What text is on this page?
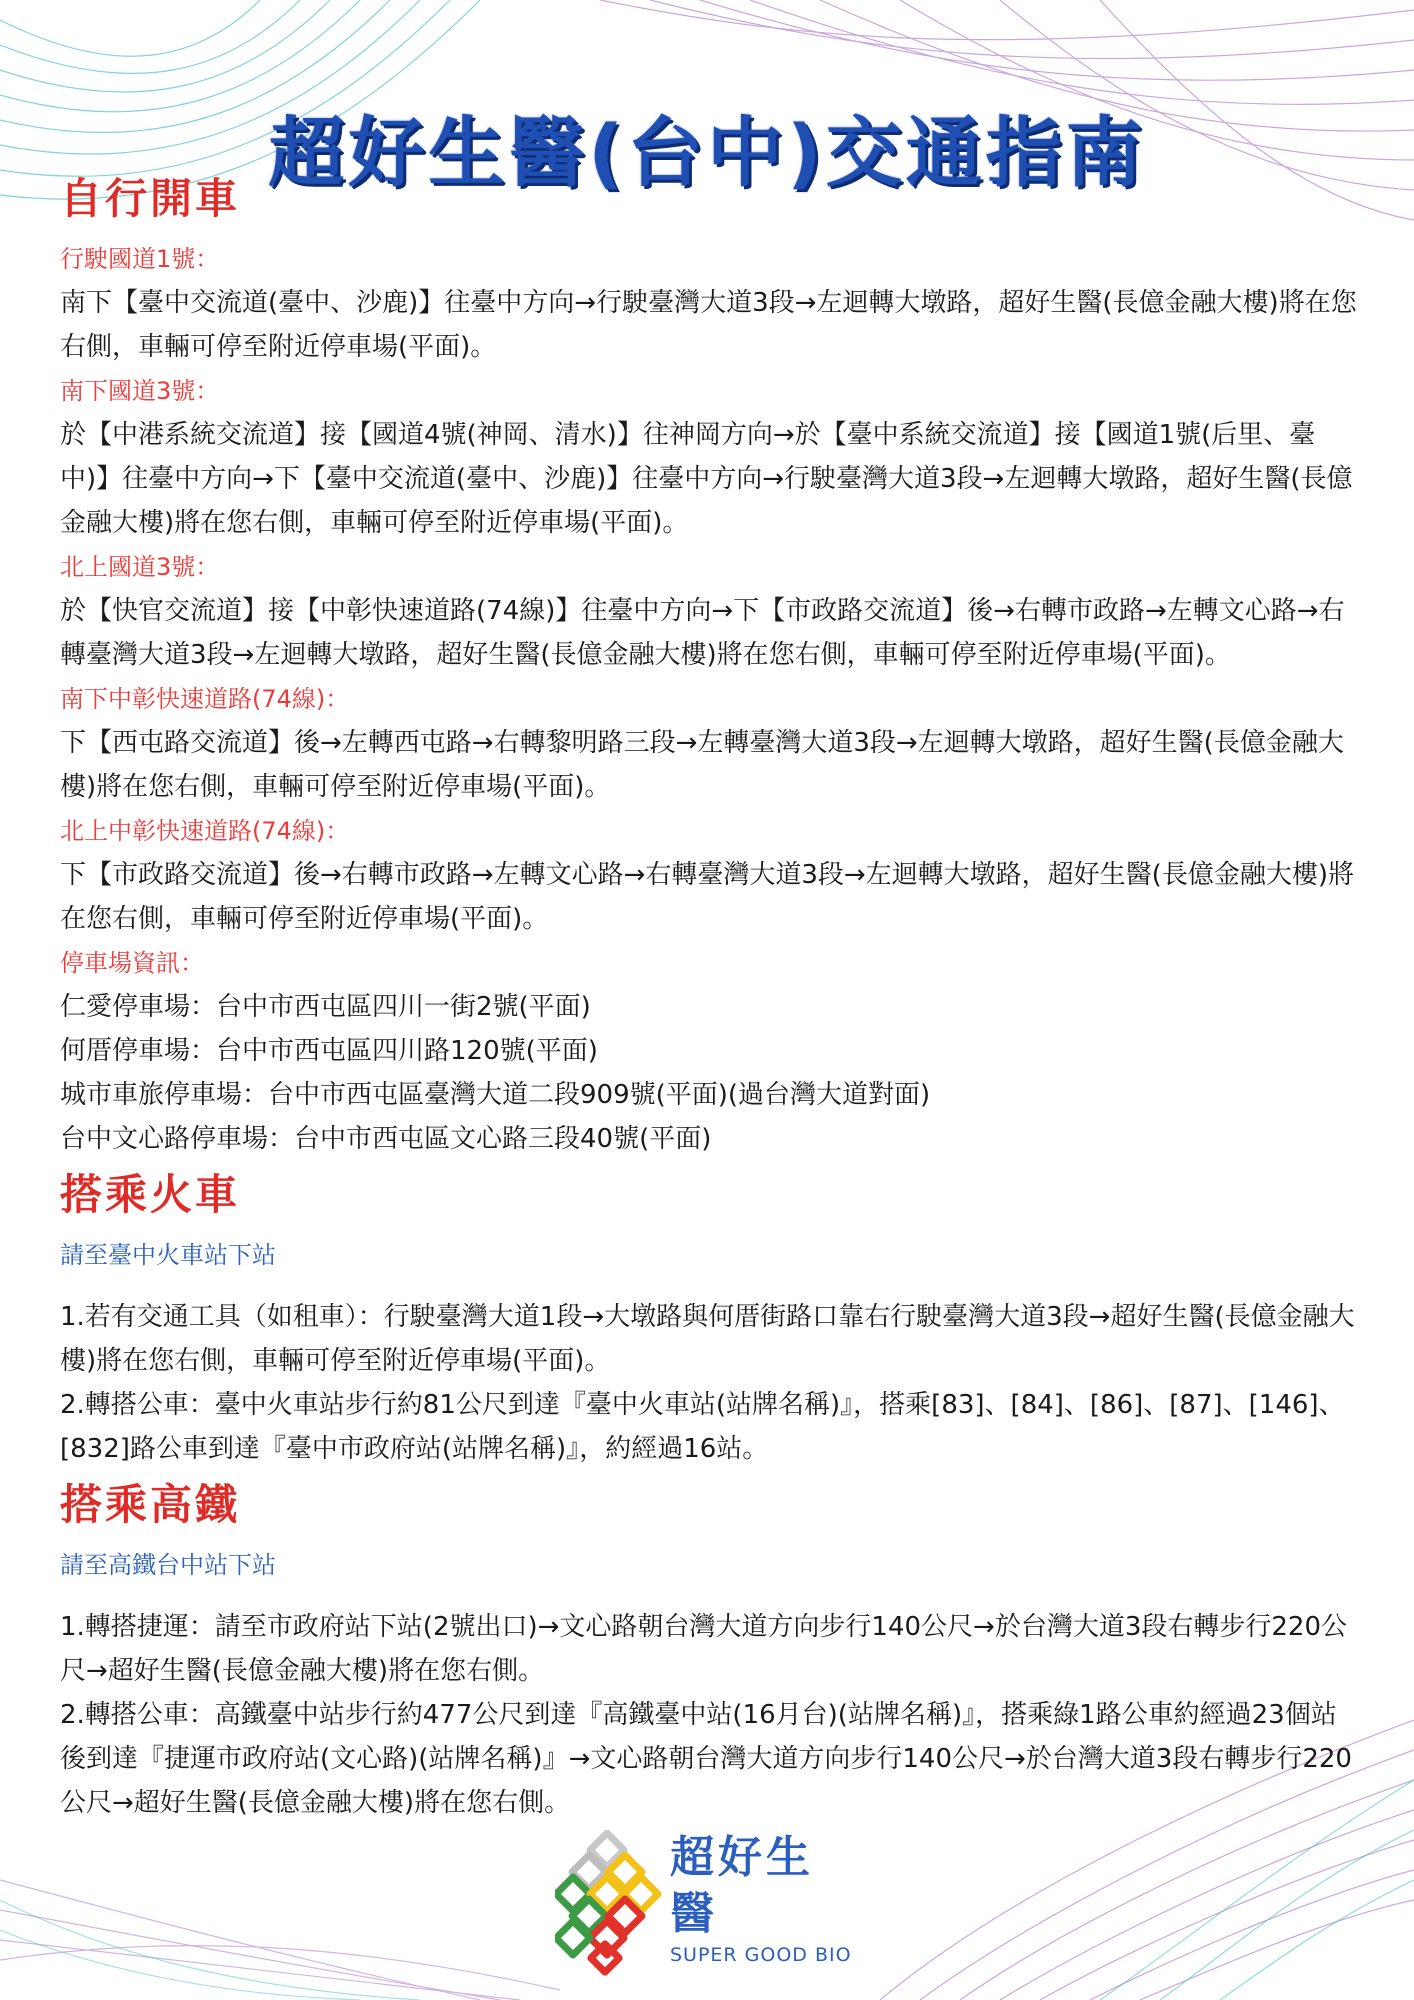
超好生醫(台中)交通指南
自行開車
行駛國道1號：
南下【臺中交流道(臺中、沙鹿)】往臺中方向→行駛臺灣大道3段→左迴轉大墩路，超好生醫(長億金融大樓)將在您右側，車輛可停至附近停車場(平面)。
南下國道3號：
於【中港系統交流道】接【國道4號(神岡、清水)】往神岡方向→於【臺中系統交流道】接【國道1號(后里、臺中)】往臺中方向→下【臺中交流道(臺中、沙鹿)】往臺中方向→行駛臺灣大道3段→左迴轉大墩路，超好生醫(長億金融大樓)將在您右側，車輛可停至附近停車場(平面)。
北上國道3號：
於【快官交流道】接【中彰快速道路(74線)】往臺中方向→下【市政路交流道】後→右轉市政路→左轉文心路→右轉臺灣大道3段→左迴轉大墩路，超好生醫(長億金融大樓)將在您右側，車輛可停至附近停車場(平面)。
南下中彰快速道路(74線)：
下【西屯路交流道】後→左轉西屯路→右轉黎明路三段→左轉臺灣大道3段→左迴轉大墩路，超好生醫(長億金融大樓)將在您右側，車輛可停至附近停車場(平面)。
北上中彰快速道路(74線)：
下【市政路交流道】後→右轉市政路→左轉文心路→右轉臺灣大道3段→左迴轉大墩路，超好生醫(長億金融大樓)將在您右側，車輛可停至附近停車場(平面)。
停車場資訊：
仁愛停車場：台中市西屯區四川一街2號(平面)
何厝停車場：台中市西屯區四川路120號(平面)
城市車旅停車場：台中市西屯區臺灣大道二段909號(平面)(過台灣大道對面)
台中文心路停車場：台中市西屯區文心路三段40號(平面)
搭乘火車
請至臺中火車站下站
1.若有交通工具（如租車）：行駛臺灣大道1段→大墩路與何厝街路口靠右行駛臺灣大道3段→超好生醫(長億金融大樓)將在您右側，車輛可停至附近停車場(平面)。
2.轉搭公車：臺中火車站步行約81公尺到達『臺中火車站(站牌名稱)』，搭乘[83]、[84]、[86]、[87]、[146]、[832]路公車到達『臺中市政府站(站牌名稱)』，約經過16站。
搭乘高鐵
請至高鐵台中站下站
1.轉搭捷運：請至市政府站下站(2號出口)→文心路朝台灣大道方向步行140公尺→於台灣大道3段右轉步行220公尺→超好生醫(長億金融大樓)將在您右側。
2.轉搭公車：高鐵臺中站步行約477公尺到達『高鐵臺中站(16月台)(站牌名稱)』，搭乘綠1路公車約經過23個站後到達『捷運市政府站(文心路)(站牌名稱)』→文心路朝台灣大道方向步行140公尺→於台灣大道3段右轉步行220公尺→超好生醫(長億金融大樓)將在您右側。
超好生醫
SUPER GOOD BIO
